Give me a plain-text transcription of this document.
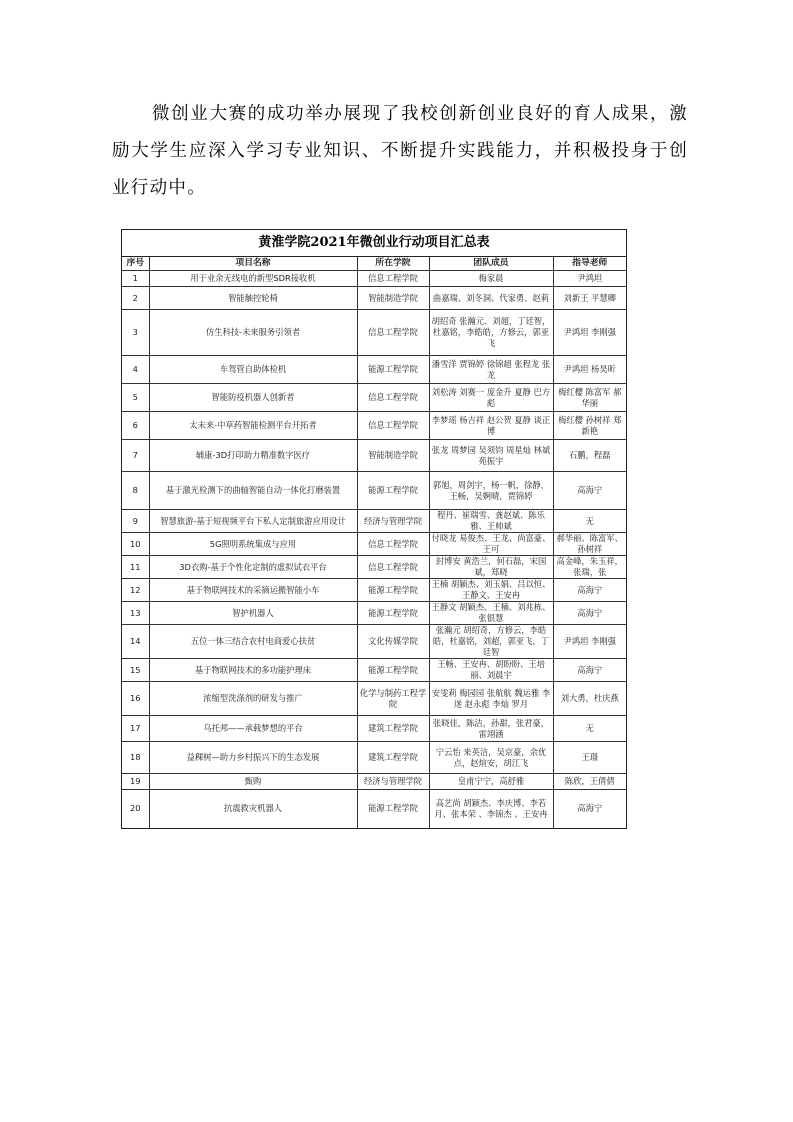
微创业大赛的成功举办展现了我校创新创业良好的育人成果，激励大学生应深入学习专业知识、不断提升实践能力，并积极投身于创业行动中。

黄淮学院2021年微创业行动项目汇总表
序号	项目名称	所在学院	团队成员	指导老师
1	用于业余无线电的新型SDR接收机	信息工程学院	梅家晨	尹鸿坦
2	智能触控轮椅	智能制造学院	曲嘉瑞、刘冬洞、代家勇、赵莉	刘新王 平慧卿
3	仿生科技-未来服务引领者	信息工程学院	胡绍奇 张瀚元、刘超，丁廷智，杜嘉铭，李皓皓，方修云，郭亚飞	尹鸿坦 李刚强
4	车驾管自助体检机	能源工程学院	潘雪洋 贾锦婷 徐锦超 张程龙 张龙	尹鸿坦 杨昊昕
5	智能防疫机器人创新者	信息工程学院	刘松涛 刘赛一 庞金升 夏静 巴方彪	梅红樱 陈富军 郝华丽
6	太未来-中草药智能检测平台开拓者	信息工程学院	李梦瑶 杨吉祥 赵公贺 夏静 谈正博	梅红樱 孙树祥 郑新艳
7	辅康-3D打印助力精准数字医疗	智能制造学院	张龙 周梦园 吴须钧 周星灿 林斌 苑振宇	石鹏，程磊
8	基于激光检测下的曲轴智能自动一体化打磨装置	能源工程学院	郭旭，周剑宇，杨一帆，徐静，王畅，吴婀晴，贾锦婷	高海宁
9	智慧旅游-基于短视频平台下私人定制旅游应用设计	经济与管理学院	程丹、崔瑞雪、龚赵斌、陈乐雅、王帅斌	无
10	5G照明系统集成与应用	信息工程学院	付晓龙 易俊杰、王龙、尚富豪、王可	郝华丽、陈富军、孙树祥
11	3D衣购-基于个性化定制的虚拟试衣平台	信息工程学院	封博安 黄浩兰，何石磊，宋国斌，郑晓	高金峰，朱玉祥，张瑞，张
12	基于物联网技术的采摘运搬智能小车	能源工程学院	王楠 胡颖杰、刘玉娟、吕以恒、王静文、王安冉	高海宁
13	智护机器人	能源工程学院	王静文 胡颖杰、王楠、刘兆栋、张银慧	高海宁
14	五位一体三结合农村电商爱心扶贫	文化传媒学院	张瀚元 胡绍奇，方修云，李皓皓，杜嘉铭，刘超，郭亚飞，丁廷智	尹鸿坦 李刚强
15	基于物联网技术的多功能护理床	能源工程学院	王畅、王安冉、胡盼盼、王培丽、刘晨宇	高海宁
16	浓缩型洗涤剂的研发与推广	化学与制药工程学院	安雯莉 梅园园 张航航 魏运雅 李迷 赵永彪 李灿 罗月	刘大勇，杜庆燕
17	乌托邦——承载梦想的平台	建筑工程学院	张晓佳，陈洁，孙甜，张君豪，雷翊涵	无
18	益稞树—助力乡村振兴下的生态发展	建筑工程学院	宁云怡 来英洁，吴京豪，余优点，赵煊安，胡江飞	王璟
19	甄购	经济与管理学院	皇甫宁宁，高舒雅	陈欣，王倩倩
20	抗震救灾机器人	能源工程学院	高艺尚 胡颖杰、李庆博、李若月、张本荣 、李锦杰 、王安冉	高海宁
